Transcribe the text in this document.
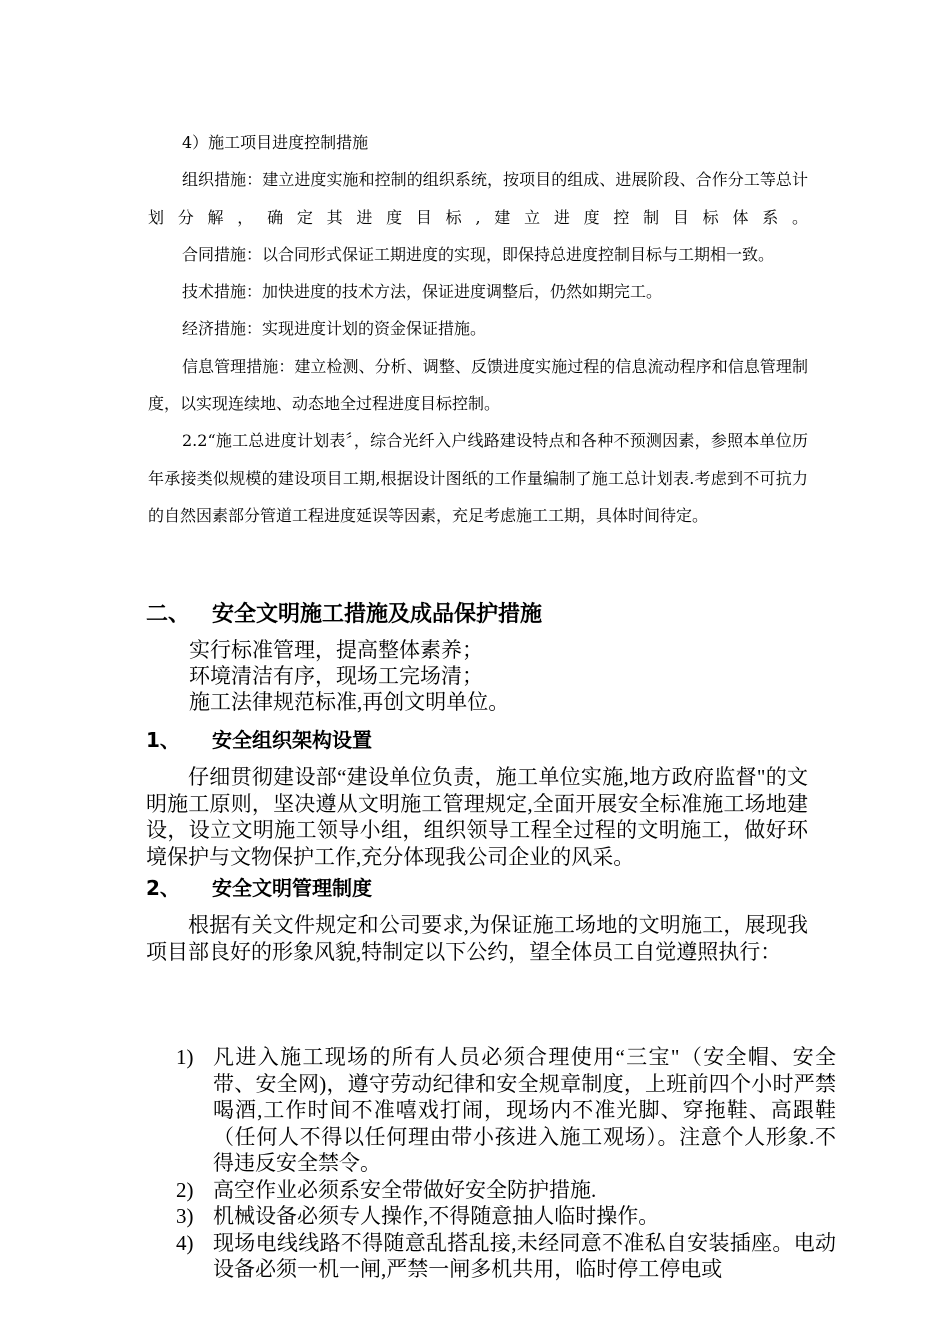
4）施工项目进度控制措施

组织措施：建立进度实施和控制的组织系统，按项目的组成、进展阶段、合作分工等总计划分解，确定其进度目标,建立进度控制目标体系。

合同措施：以合同形式保证工期进度的实现，即保持总进度控制目标与工期相一致。

技术措施：加快进度的技术方法，保证进度调整后，仍然如期完工。

经济措施：实现进度计划的资金保证措施。

信息管理措施：建立检测、分析、调整、反馈进度实施过程的信息流动程序和信息管理制度，以实现连续地、动态地全过程进度目标控制。

2.2“施工总进度计划表〞，综合光纤入户线路建设特点和各种不预测因素，参照本单位历年承接类似规模的建设项目工期,根据设计图纸的工作量编制了施工总计划表.考虑到不可抗力的自然因素部分管道工程进度延误等因素，充足考虑施工工期，具体时间待定。

二、 安全文明施工措施及成品保护措施
实行标准管理，提高整体素养；
环境清洁有序，现场工完场清；
施工法律规范标准,再创文明单位。
1、 安全组织架构设置

仔细贯彻建设部“建设单位负责，施工单位实施,地方政府监督"的文明施工原则，坚决遵从文明施工管理规定,全面开展安全标准施工场地建设，设立文明施工领导小组，组织领导工程全过程的文明施工，做好环境保护与文物保护工作,充分体现我公司企业的风采。

2、 安全文明管理制度

根据有关文件规定和公司要求,为保证施工场地的文明施工，展现我项目部良好的形象风貌,特制定以下公约，望全体员工自觉遵照执行：

1) 凡进入施工现场的所有人员必须合理使用“三宝"（安全帽、安全带、安全网)，遵守劳动纪律和安全规章制度，上班前四个小时严禁喝酒,工作时间不准嘻戏打闹，现场内不准光脚、穿拖鞋、高跟鞋（任何人不得以任何理由带小孩进入施工观场）。注意个人形象.不得违反安全禁令。
2) 高空作业必须系安全带做好安全防护措施.
3) 机械设备必须专人操作,不得随意抽人临时操作。
4) 现场电线线路不得随意乱搭乱接,未经同意不准私自安装插座。电动设备必须一机一闸,严禁一闸多机共用，临时停工停电或
